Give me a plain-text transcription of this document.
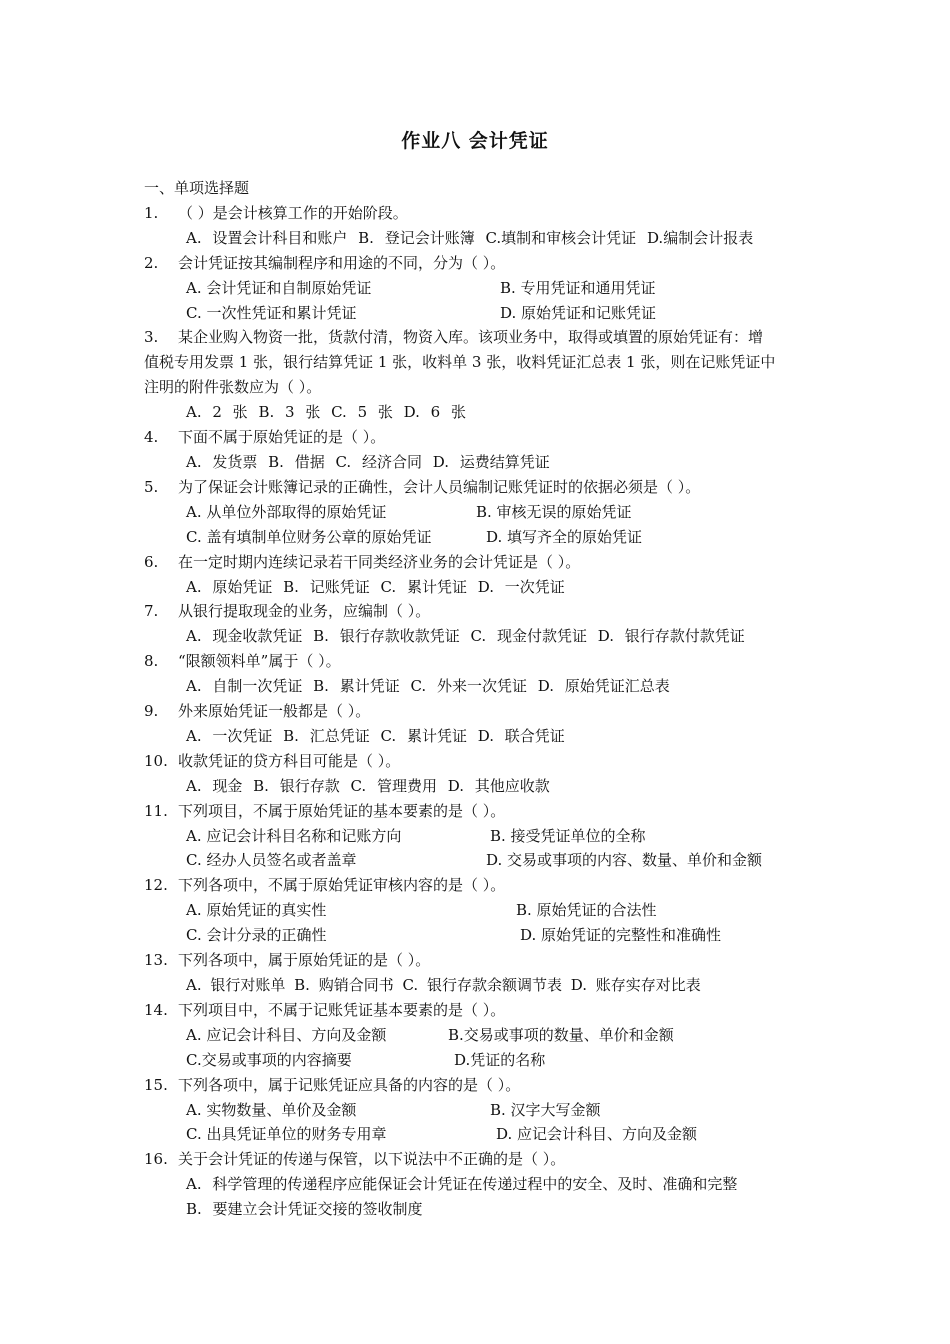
作业八 会计凭证
一、单项选择题
1.	（ ）是会计核算工作的开始阶段。
A. 设置会计科目和账户 B. 登记会计账簿 C.填制和审核会计凭证 D.编制会计报表
2.	会计凭证按其编制程序和用途的不同，分为（ ）。
A. 会计凭证和自制原始凭证	B. 专用凭证和通用凭证
C. 一次性凭证和累计凭证	D. 原始凭证和记账凭证
3.	某企业购入物资一批，货款付清，物资入库。该项业务中，取得或填置的原始凭证有：增
值税专用发票 1 张，银行结算凭证 1 张，收料单 3 张，收料凭证汇总表 1 张，则在记账凭证中
注明的附件张数应为（ ）。
A. 2 张 B. 3 张 C. 5 张 D. 6 张
4.	下面不属于原始凭证的是（ ）。
A. 发货票 B. 借据 C. 经济合同 D. 运费结算凭证
5.	为了保证会计账簿记录的正确性，会计人员编制记账凭证时的依据必须是（ ）。
A. 从单位外部取得的原始凭证	B. 审核无误的原始凭证
C. 盖有填制单位财务公章的原始凭证	D. 填写齐全的原始凭证
6.	在一定时期内连续记录若干同类经济业务的会计凭证是（ ）。
A. 原始凭证 B. 记账凭证 C. 累计凭证 D. 一次凭证
7.	从银行提取现金的业务，应编制（ ）。
A. 现金收款凭证 B. 银行存款收款凭证 C. 现金付款凭证 D. 银行存款付款凭证
8.	“限额领料单”属于（ ）。
A. 自制一次凭证 B. 累计凭证 C. 外来一次凭证 D. 原始凭证汇总表
9.	外来原始凭证一般都是（ ）。
A. 一次凭证 B. 汇总凭证 C. 累计凭证 D. 联合凭证
10. 收款凭证的贷方科目可能是（ ）。
A. 现金 B. 银行存款 C. 管理费用 D. 其他应收款
11. 下列项目，不属于原始凭证的基本要素的是（ ）。
A. 应记会计科目名称和记账方向	B. 接受凭证单位的全称
C. 经办人员签名或者盖章	D. 交易或事项的内容、数量、单价和金额
12. 下列各项中，不属于原始凭证审核内容的是（ ）。
A. 原始凭证的真实性	B. 原始凭证的合法性
C. 会计分录的正确性	D. 原始凭证的完整性和准确性
13. 下列各项中，属于原始凭证的是（ ）。
A. 银行对账单 B. 购销合同书 C. 银行存款余额调节表 D. 账存实存对比表
14. 下列项目中，不属于记账凭证基本要素的是（ ）。
A. 应记会计科目、方向及金额	B.交易或事项的数量、单价和金额
C.交易或事项的内容摘要	D.凭证的名称
15. 下列各项中，属于记账凭证应具备的内容的是（ ）。
A. 实物数量、单价及金额	B. 汉字大写金额
C. 出具凭证单位的财务专用章	D. 应记会计科目、方向及金额
16. 关于会计凭证的传递与保管，以下说法中不正确的是（ ）。
A. 科学管理的传递程序应能保证会计凭证在传递过程中的安全、及时、准确和完整
B. 要建立会计凭证交接的签收制度
